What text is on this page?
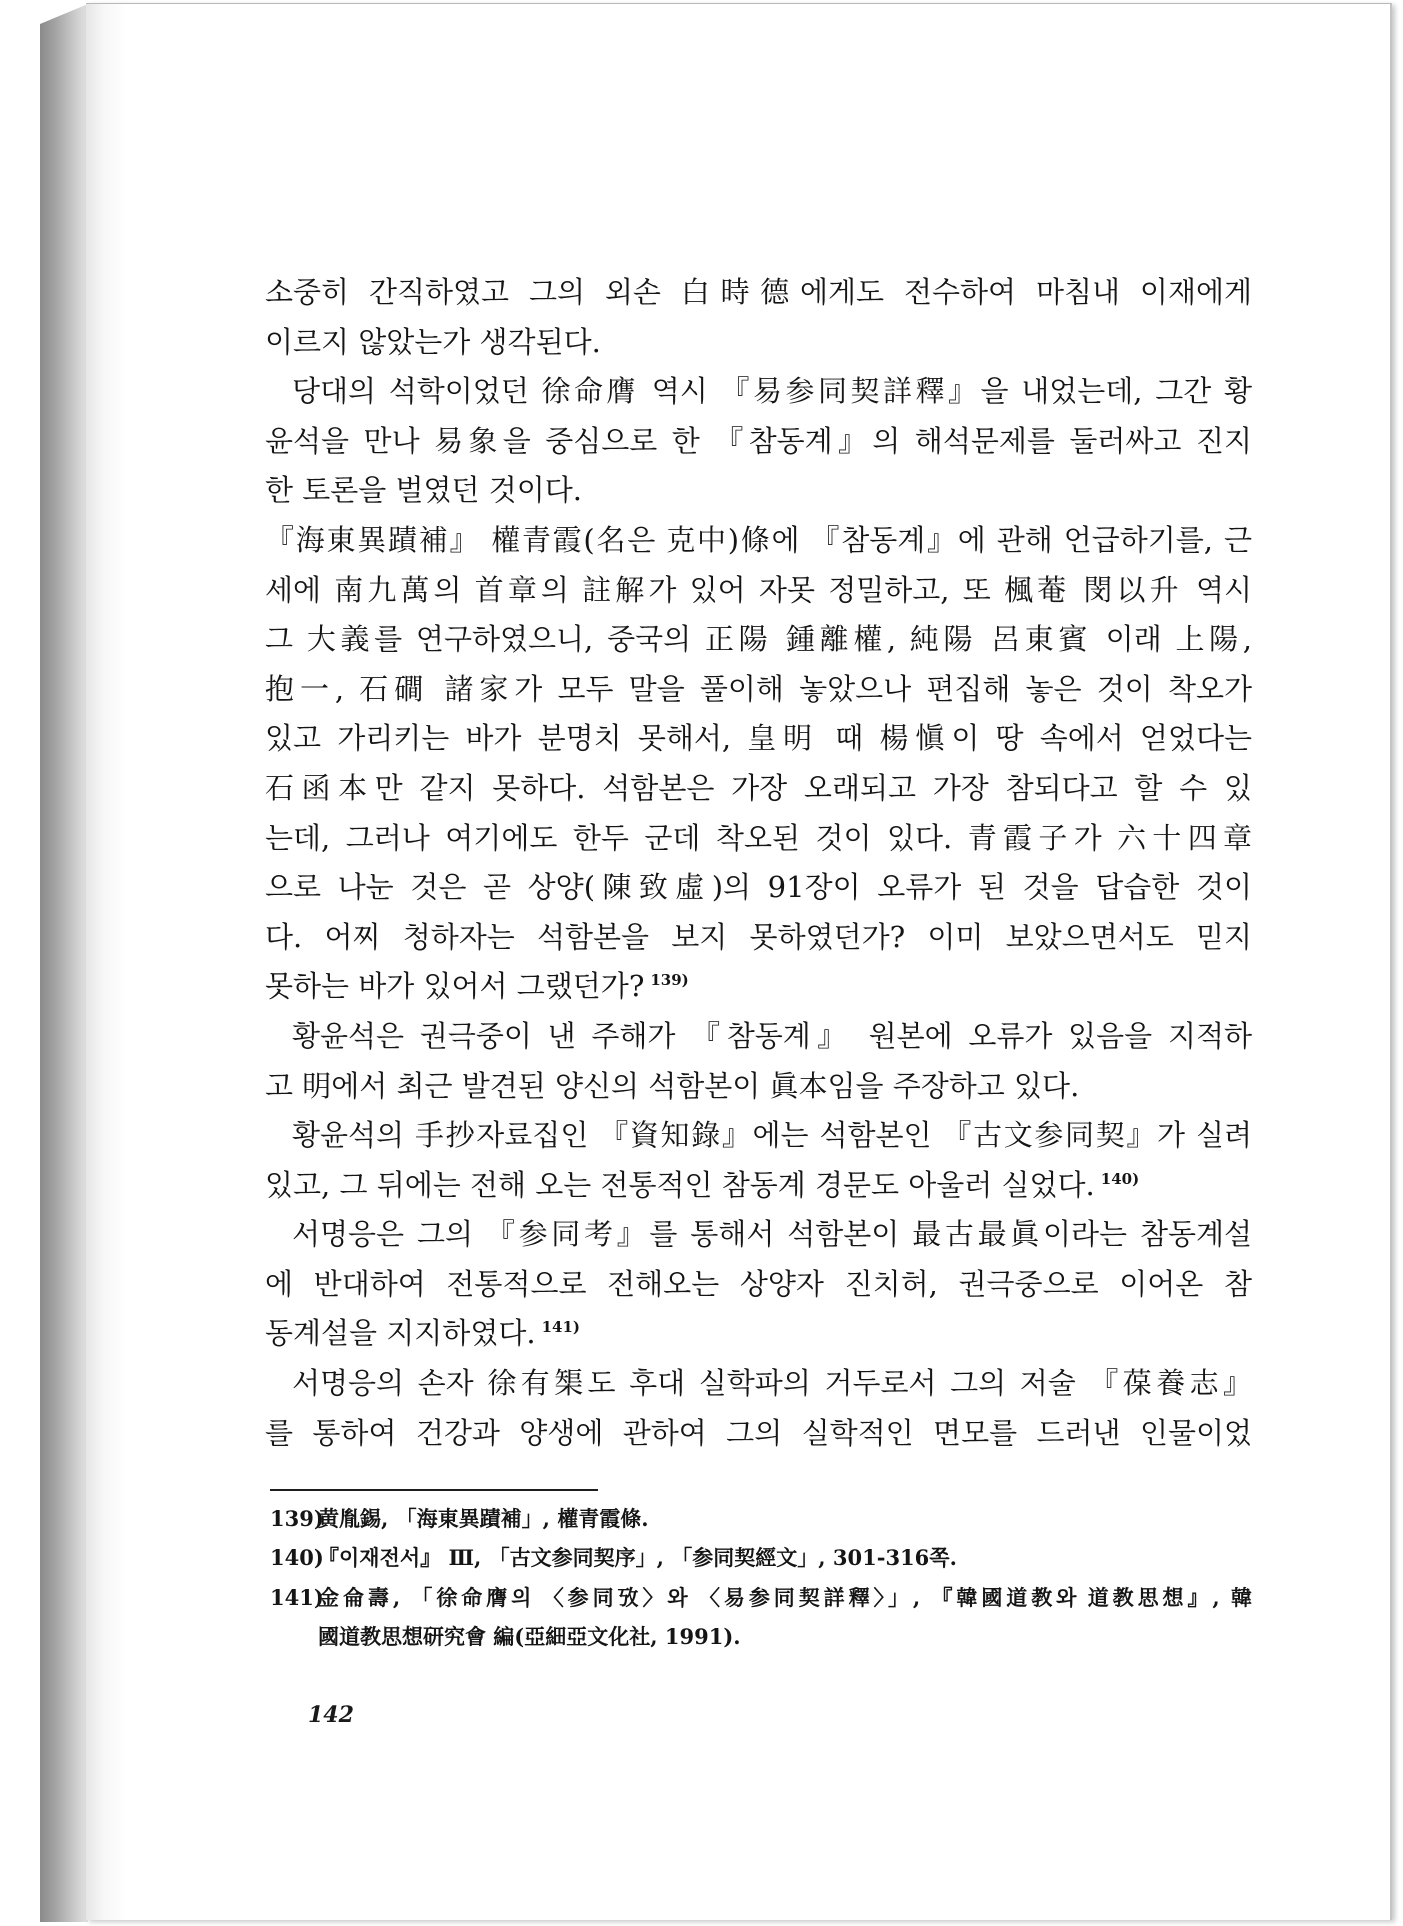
소중히 간직하였고 그의 외손 白時德에게도 전수하여 마침내 이재에게
이르지 않았는가 생각된다.
당대의 석학이었던 徐命膺 역시 『易参同契詳釋』을 내었는데, 그간 황
윤석을 만나 易象을 중심으로 한 『참동계』의 해석문제를 둘러싸고 진지
한 토론을 벌였던 것이다.
『海東異蹟補』 權青霞(名은 克中)條에 『참동계』에 관해 언급하기를, 근
세에 南九萬의 首章의 註解가 있어 자못 정밀하고, 또 楓菴 閔以升 역시
그 大義를 연구하였으니, 중국의 正陽 鍾離權, 純陽 呂東賓 이래 上陽,
抱一, 石磵 諸家가 모두 말을 풀이해 놓았으나 편집해 놓은 것이 착오가
있고 가리키는 바가 분명치 못해서, 皇明 때 楊愼이 땅 속에서 얻었다는
石函本만 같지 못하다. 석함본은 가장 오래되고 가장 참되다고 할 수 있
는데, 그러나 여기에도 한두 군데 착오된 것이 있다. 青霞子가 六十四章
으로 나눈 것은 곧 상양(陳致虛)의 91장이 오류가 된 것을 답습한 것이
다. 어찌 청하자는 석함본을 보지 못하였던가? 이미 보았으면서도 믿지
못하는 바가 있어서 그랬던가? $^{139)}$
황윤석은 권극중이 낸 주해가 『참동계』 원본에 오류가 있음을 지적하
고 明에서 최근 발견된 양신의 석함본이 眞本임을 주장하고 있다.
황윤석의 手抄자료집인 『資知錄』에는 석함본인 『古文参同契』가 실려
있고, 그 뒤에는 전해 오는 전통적인 참동계 경문도 아울러 실었다. $^{140)}$
서명응은 그의 『参同考』를 통해서 석함본이 最古最眞이라는 참동계설
에 반대하여 전통적으로 전해오는 상양자 진치허, 권극중으로 이어온 참
동계설을 지지하였다. $^{141)}$
서명응의 손자 徐有榘도 후대 실학파의 거두로서 그의 저술 『葆養志』
를 통하여 건강과 양생에 관하여 그의 실학적인 면모를 드러낸 인물이었
139)
黄胤錫, 「海東異蹟補」, 權青霞條.
140)
『이재전서』 Ⅲ, 「古文参同契序」, 「参同契經文」, 301-316쪽.
141)
金侖壽, 「徐命膺의 〈参同攷〉와 〈易参同契詳釋〉」, 『韓國道教와 道教思想』, 韓
國道教思想研究會 編(亞細亞文化社, 1991).
142
